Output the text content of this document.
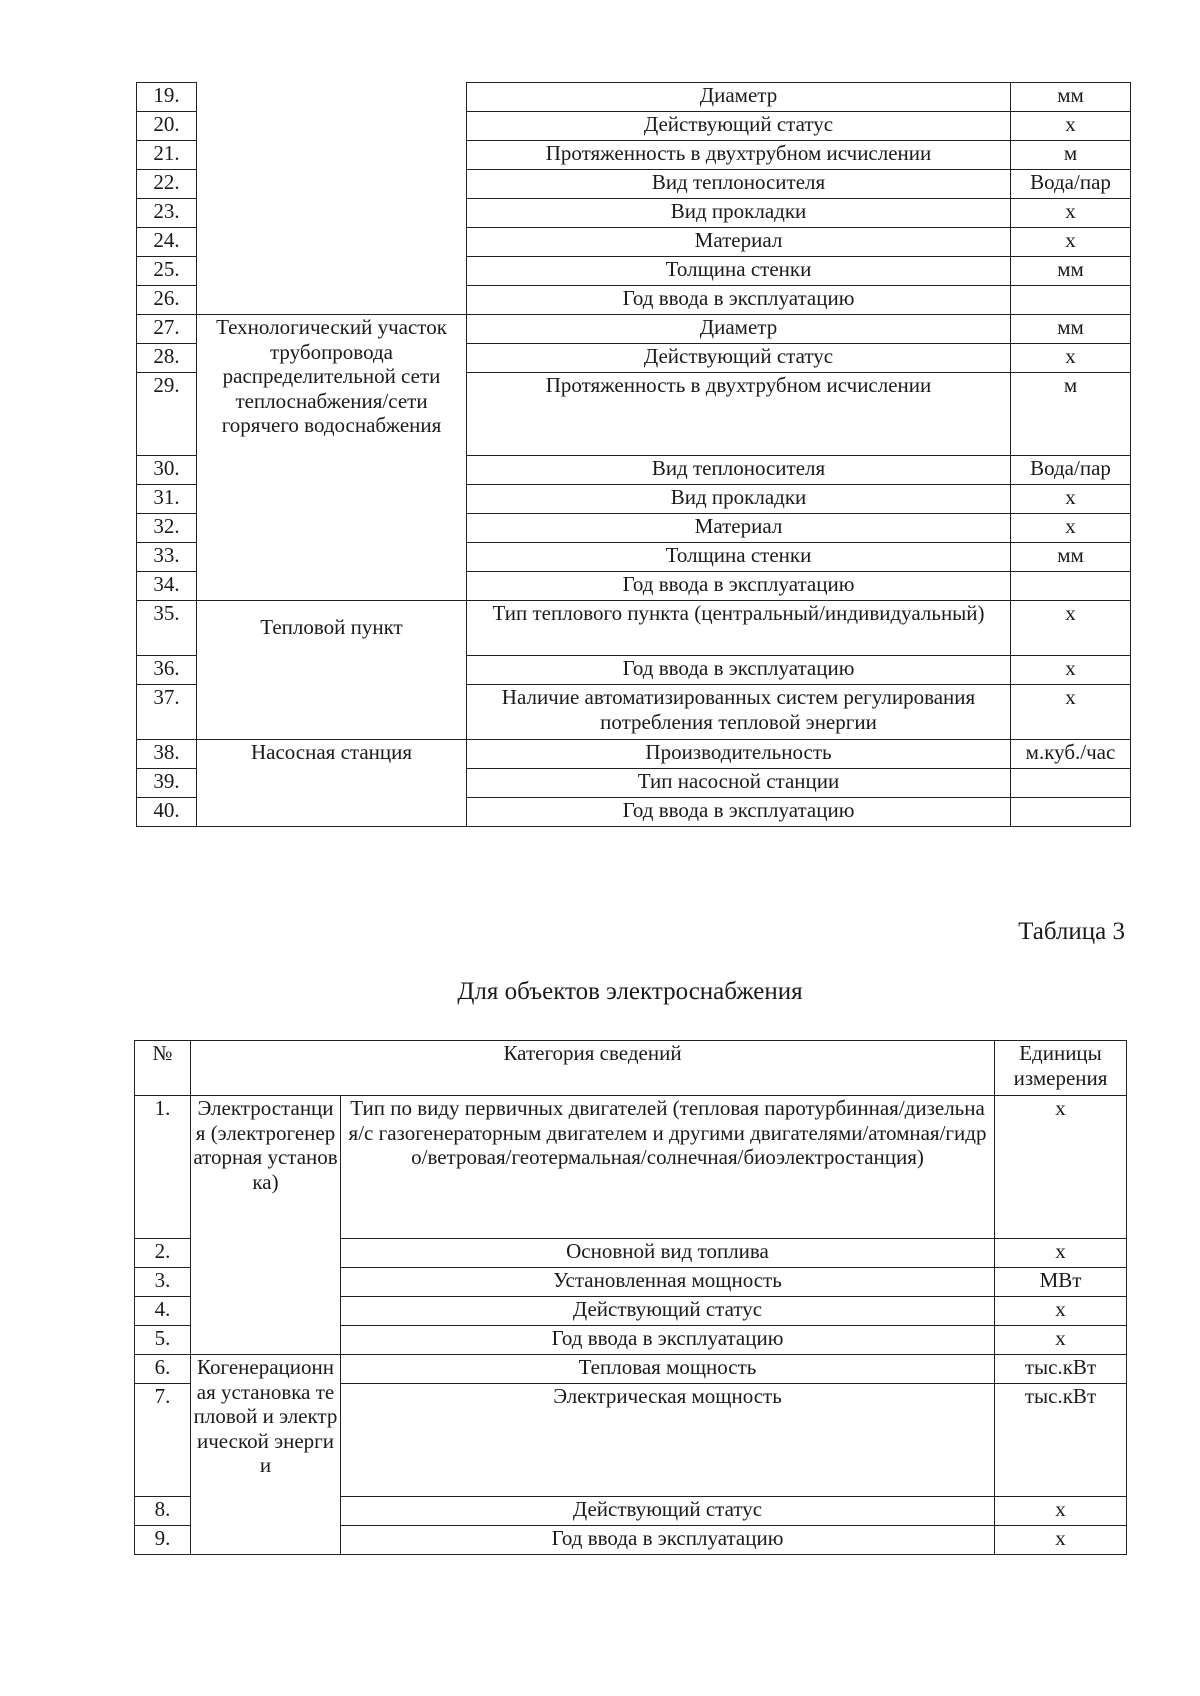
19.		Диаметр	мм
20.		Действующий статус	х
21.		Протяженность в двухтрубном исчислении	м
22.		Вид теплоносителя	Вода/пар
23.		Вид прокладки	х
24.		Материал	х
25.		Толщина стенки	мм
26.		Год ввода в эксплуатацию	
27.	Технологический участок трубопровода распределительной сети теплоснабжения/сети горячего водоснабжения	Диаметр	мм
28.		Действующий статус	х
29.		Протяженность в двухтрубном исчислении	м
30.		Вид теплоносителя	Вода/пар
31.		Вид прокладки	х
32.		Материал	х
33.		Толщина стенки	мм
34.		Год ввода в эксплуатацию	
35.	Тепловой пункт	Тип теплового пункта (центральный/индивидуальный)	х
36.		Год ввода в эксплуатацию	х
37.		Наличие автоматизированных систем регулирования потребления тепловой энергии	х
38.	Насосная станция	Производительность	м.куб./час
39.		Тип насосной станции	
40.		Год ввода в эксплуатацию	
Таблица 3
Для объектов электроснабжения
№	Категория сведений		Единицы измерения
1.	Электростанция (электрогенераторная установка)	Тип по виду первичных двигателей (тепловая паротурбинная/дизельная/с газогенераторным двигателем и другими двигателями/атомная/гидро/ветровая/геотермальная/солнечная/биоэлектростанция)	х
2.		Основной вид топлива	х
3.		Установленная мощность	МВт
4.		Действующий статус	х
5.		Год ввода в эксплуатацию	х
6.	Когенерационная установка тепловой и электрической энергии	Тепловая мощность	тыс.кВт
7.		Электрическая мощность	тыс.кВт
8.		Действующий статус	х
9.		Год ввода в эксплуатацию	х
